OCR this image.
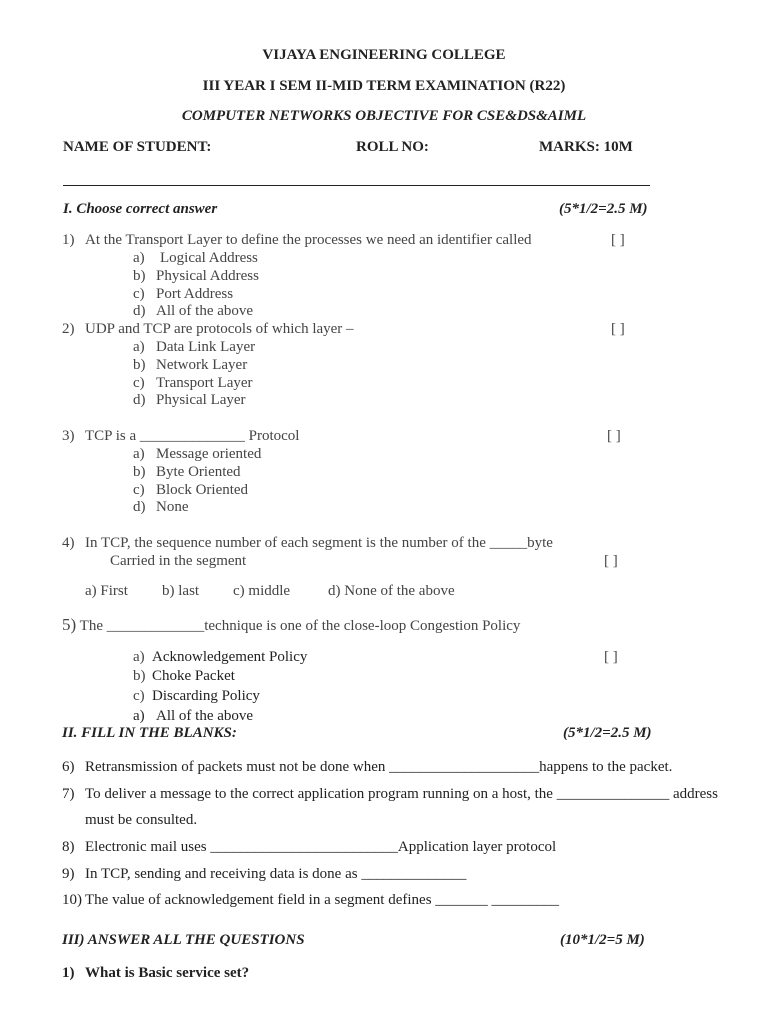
VIJAYA ENGINEERING COLLEGE
III YEAR I SEM II-MID TERM EXAMINATION (R22)
COMPUTER NETWORKS OBJECTIVE FOR CSE&DS&AIML
NAME OF STUDENT:	ROLL NO:	MARKS: 10M
I. Choose correct answer	(5*1/2=2.5 M)
1) At the Transport Layer to define the processes we need an identifier called	[ ]
a) Logical Address
b) Physical Address
c) Port Address
d) All of the above
2) UDP and TCP are protocols of which layer –	[ ]
a) Data Link Layer
b) Network Layer
c) Transport Layer
d) Physical Layer
3) TCP is a ______________ Protocol	[ ]
a) Message oriented
b) Byte Oriented
c) Block Oriented
d) None
4) In TCP, the sequence number of each segment is the number of the _____byte
Carried in the segment	[ ]
a) First b) last c) middle	d) None of the above
5) The _____________technique is one of the close-loop Congestion Policy
[ ]
a) Acknowledgement Policy
b) Choke Packet
c) Discarding Policy
a) All of the above
II. FILL IN THE BLANKS:	(5*1/2=2.5 M)
6) Retransmission of packets must not be done when ____________________happens to the packet.
7) To deliver a message to the correct application program running on a host, the _______________ address
must be consulted.
8) Electronic mail uses _________________________Application layer protocol
9) In TCP, sending and receiving data is done as ______________
10) The value of acknowledgement field in a segment defines _______ _________
III) ANSWER ALL THE QUESTIONS	(10*1/2=5 M)
1) What is Basic service set?
